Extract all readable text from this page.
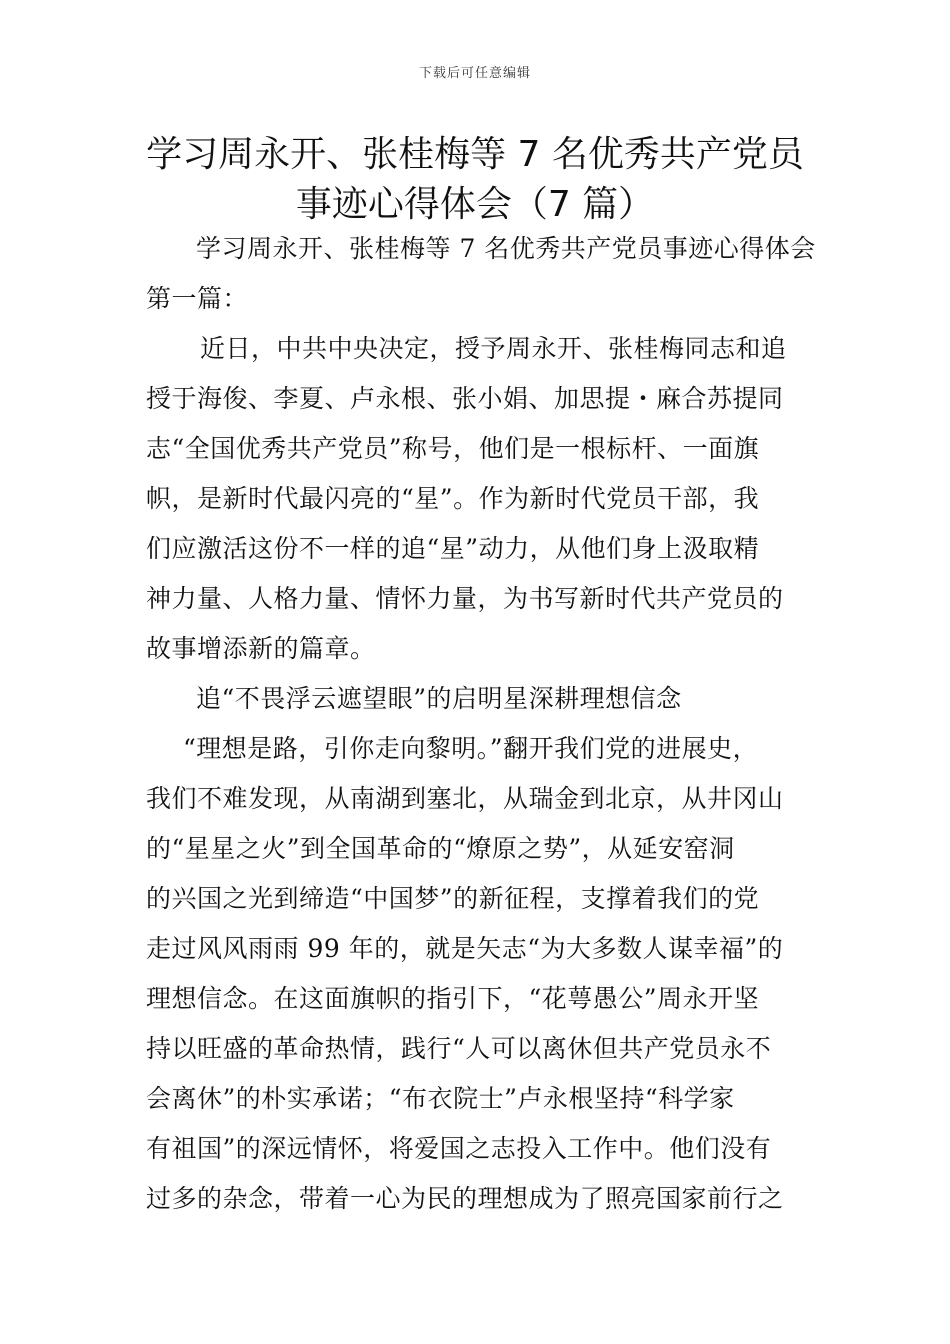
下载后可任意编辑
学习周永开、张桂梅等 7 名优秀共产党员
事迹心得体会（7 篇）
学习周永开、张桂梅等 7 名优秀共产党员事迹心得体会
第一篇：
近日，中共中央决定，授予周永开、张桂梅同志和追
授于海俊、李夏、卢永根、张小娟、加思提・麻合苏提同
志“全国优秀共产党员”称号，他们是一根标杆、一面旗
帜，是新时代最闪亮的“星”。作为新时代党员干部，我
们应激活这份不一样的追“星”动力，从他们身上汲取精
神力量、人格力量、情怀力量，为书写新时代共产党员的
故事增添新的篇章。
追“不畏浮云遮望眼”的启明星深耕理想信念
“理想是路，引你走向黎明。”翻开我们党的进展史，
我们不难发现，从南湖到塞北，从瑞金到北京，从井冈山
的“星星之火”到全国革命的“燎原之势”，从延安窑洞
的兴国之光到缔造“中国梦”的新征程，支撑着我们的党
走过风风雨雨 99 年的，就是矢志“为大多数人谋幸福”的
理想信念。在这面旗帜的指引下，“花萼愚公”周永开坚
持以旺盛的革命热情，践行“人可以离休但共产党员永不
会离休”的朴实承诺；“布衣院士”卢永根坚持“科学家
有祖国”的深远情怀，将爱国之志投入工作中。他们没有
过多的杂念，带着一心为民的理想成为了照亮国家前行之
